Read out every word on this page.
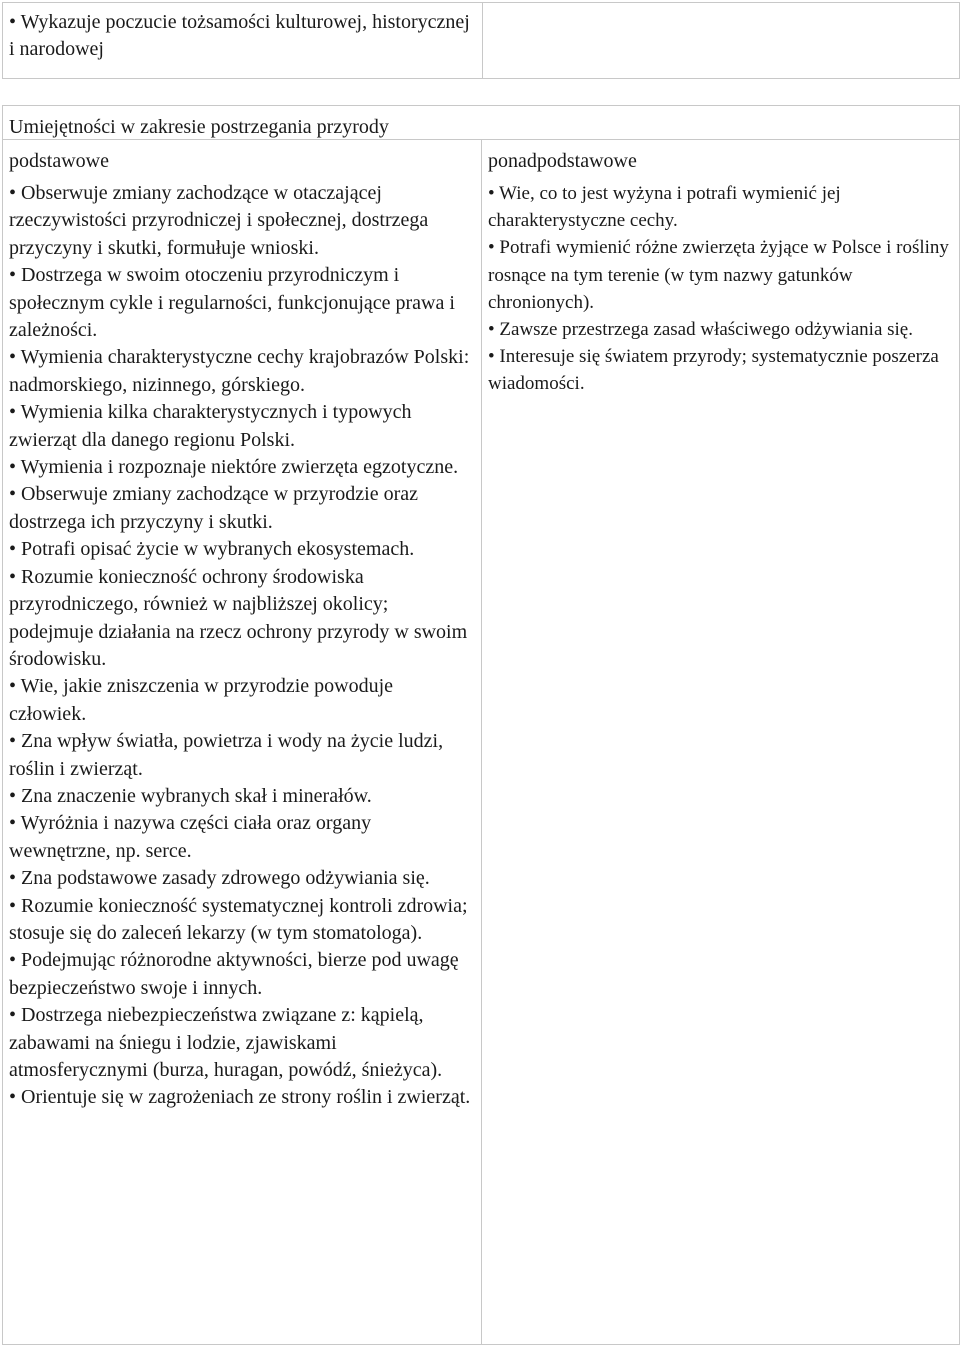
• Wykazuje poczucie tożsamości kulturowej, historycznej i narodowej

Umiejętności w zakresie postrzegania przyrody

podstawowe
• Obserwuje zmiany zachodzące w otaczającej rzeczywistości przyrodniczej i społecznej, dostrzega przyczyny i skutki, formułuje wnioski.
• Dostrzega w swoim otoczeniu przyrodniczym i społecznym cykle i regularności, funkcjonujące prawa i zależności.
• Wymienia charakterystyczne cechy krajobrazów Polski: nadmorskiego, nizinnego, górskiego.
• Wymienia kilka charakterystycznych i typowych zwierząt dla danego regionu Polski.
• Wymienia i rozpoznaje niektóre zwierzęta egzotyczne.
• Obserwuje zmiany zachodzące w przyrodzie oraz dostrzega ich przyczyny i skutki.
• Potrafi opisać życie w wybranych ekosystemach.
• Rozumie konieczność ochrony środowiska przyrodniczego, również w najbliższej okolicy; podejmuje działania na rzecz ochrony przyrody w swoim środowisku.
• Wie, jakie zniszczenia w przyrodzie powoduje człowiek.
• Zna wpływ światła, powietrza i wody na życie ludzi, roślin i zwierząt.
• Zna znaczenie wybranych skał i minerałów.
• Wyróżnia i nazywa części ciała oraz organy wewnętrzne, np. serce.
• Zna podstawowe zasady zdrowego odżywiania się.
• Rozumie konieczność systematycznej kontroli zdrowia; stosuje się do zaleceń lekarzy (w tym stomatologa).
• Podejmując różnorodne aktywności, bierze pod uwagę bezpieczeństwo swoje i innych.
• Dostrzega niebezpieczeństwa związane z: kąpielą, zabawami na śniegu i lodzie, zjawiskami atmosferycznymi (burza, huragan, powódź, śnieżyca).
• Orientuje się w zagrożeniach ze strony roślin i zwierząt.

ponadpodstawowe
• Wie, co to jest wyżyna i potrafi wymienić jej charakterystyczne cechy.
• Potrafi wymienić różne zwierzęta żyjące w Polsce i rośliny rosnące na tym terenie (w tym nazwy gatunków chronionych).
• Zawsze przestrzega zasad właściwego odżywiania się.
• Interesuje się światem przyrody; systematycznie poszerza wiadomości.
